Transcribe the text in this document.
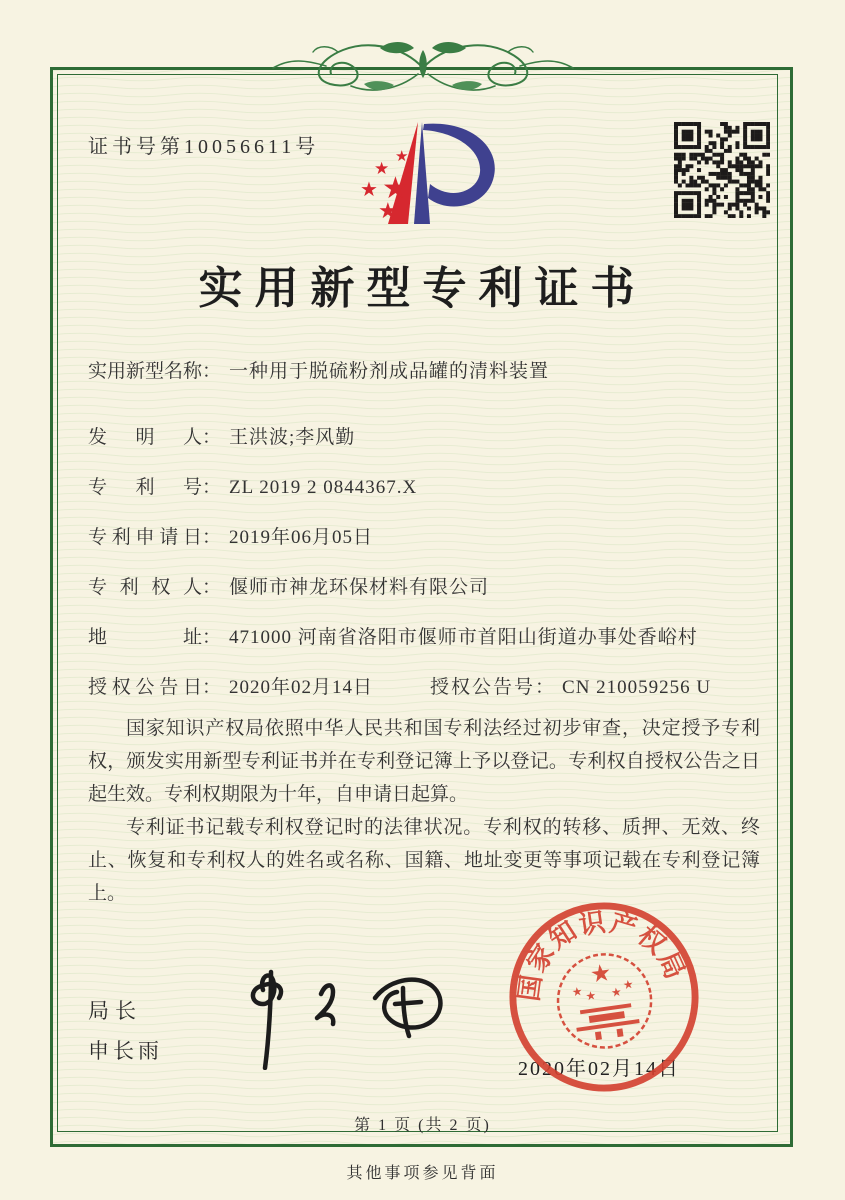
证书号第10056611号	★
★
★
★
★
实用新型专利证书
实用新型名称： 一种用于脱硫粉剂成品罐的清料装置
发明人： 王洪波;李风勤
专利号： ZL 2019 2 0844367.X
专利申请日： 2019年06月05日
专利权人： 偃师市神龙环保材料有限公司
地址： 471000 河南省洛阳市偃师市首阳山街道办事处香峪村
授权公告日： 2020年02月14日	授权公告号： CN 210059256 U

国家知识产权局依照中华人民共和国专利法经过初步审查，决定授予专利权，颁发实用新型专利证书并在专利登记簿上予以登记。专利权自授权公告之日起生效。专利权期限为十年，自申请日起算。

专利证书记载专利权登记时的法律状况。专利权的转移、质押、无效、终止、恢复和专利权人的姓名或名称、国籍、地址变更等事项记载在专利登记簿上。

局长
申长雨
2020年02月14日
国家知识产权局
★
★ ★ ★ ★
第 1 页 (共 2 页)
其他事项参见背面
